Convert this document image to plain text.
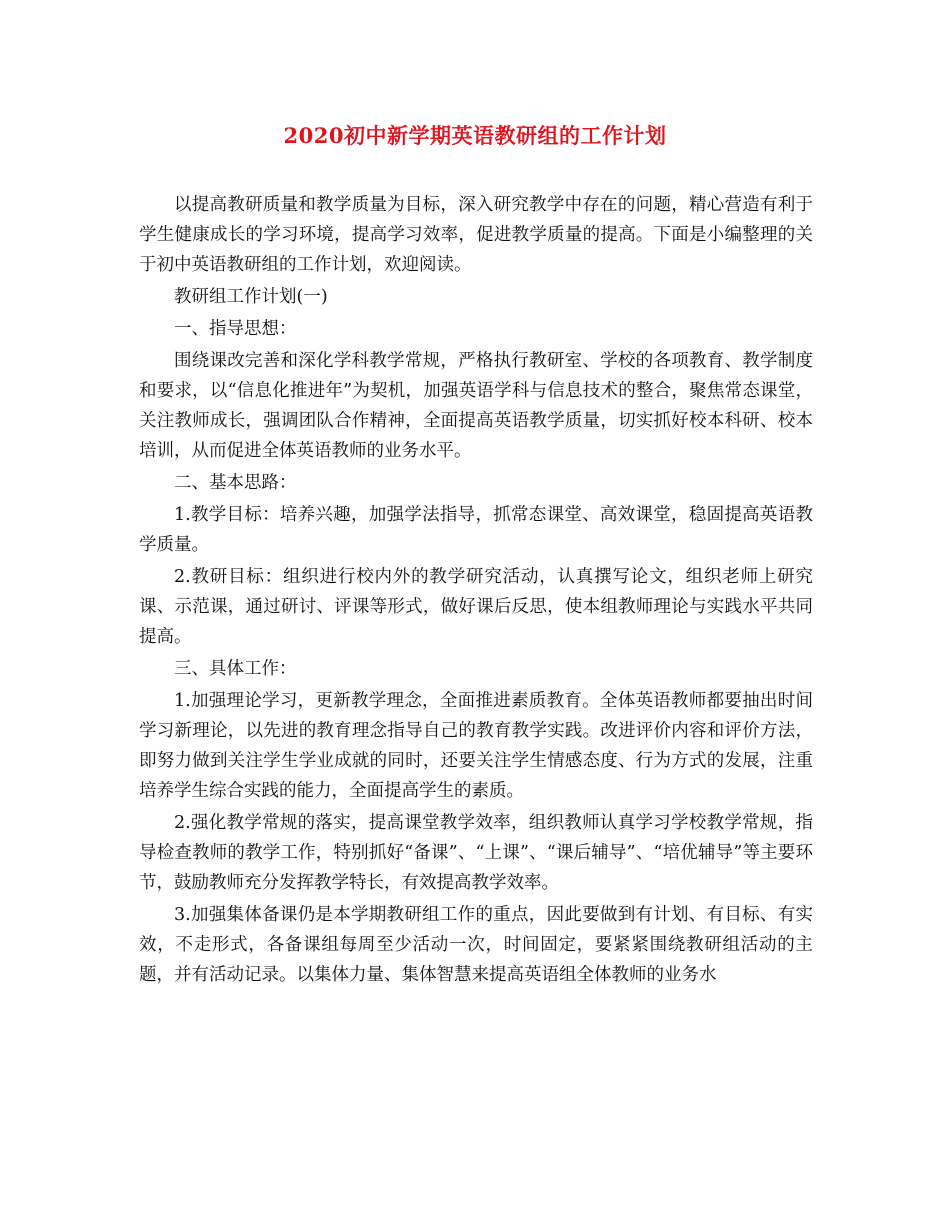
2020初中新学期英语教研组的工作计划

以提高教研质量和教学质量为目标，深入研究教学中存在的问题，精心营造有利于学生健康成长的学习环境，提高学习效率，促进教学质量的提高。下面是小编整理的关于初中英语教研组的工作计划，欢迎阅读。

教研组工作计划(一)

一、指导思想：

围绕课改完善和深化学科教学常规，严格执行教研室、学校的各项教育、教学制度和要求，以“信息化推进年”为契机，加强英语学科与信息技术的整合，聚焦常态课堂，关注教师成长，强调团队合作精神，全面提高英语教学质量，切实抓好校本科研、校本培训，从而促进全体英语教师的业务水平。

二、基本思路：

1.教学目标：培养兴趣，加强学法指导，抓常态课堂、高效课堂，稳固提高英语教学质量。

2.教研目标：组织进行校内外的教学研究活动，认真撰写论文，组织老师上研究课、示范课，通过研讨、评课等形式，做好课后反思，使本组教师理论与实践水平共同提高。

三、具体工作：

1.加强理论学习，更新教学理念，全面推进素质教育。全体英语教师都要抽出时间学习新理论，以先进的教育理念指导自己的教育教学实践。改进评价内容和评价方法，即努力做到关注学生学业成就的同时，还要关注学生情感态度、行为方式的发展，注重培养学生综合实践的能力，全面提高学生的素质。

2.强化教学常规的落实，提高课堂教学效率，组织教师认真学习学校教学常规，指导检查教师的教学工作，特别抓好“备课”、“上课”、“课后辅导”、“培优辅导”等主要环节，鼓励教师充分发挥教学特长，有效提高教学效率。

3.加强集体备课仍是本学期教研组工作的重点，因此要做到有计划、有目标、有实效，不走形式，各备课组每周至少活动一次，时间固定，要紧紧围绕教研组活动的主题，并有活动记录。以集体力量、集体智慧来提高英语组全体教师的业务水
